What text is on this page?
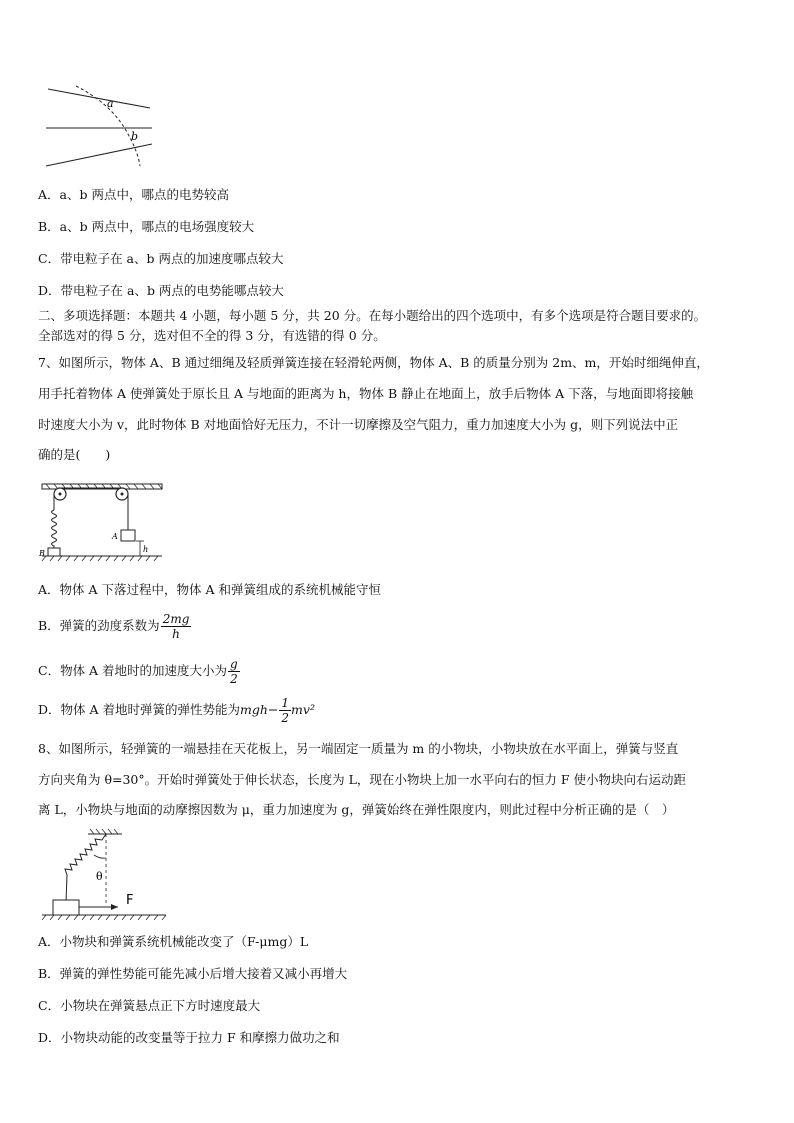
a
b
A．a、b 两点中，哪点的电势较高
B．a、b 两点中，哪点的电场强度较大
C．带电粒子在 a、b 两点的加速度哪点较大
D．带电粒子在 a、b 两点的电势能哪点较大
二、多项选择题：本题共 4 小题，每小题 5 分，共 20 分。在每小题给出的四个选项中，有多个选项是符合题目要求的。
全部选对的得 5 分，选对但不全的得 3 分，有选错的得 0 分。
7、如图所示，物体 A、B 通过细绳及轻质弹簧连接在轻滑轮两侧，物体 A、B 的质量分别为 2m、m，开始时细绳伸直，
用手托着物体 A 使弹簧处于原长且 A 与地面的距离为 h，物体 B 静止在地面上，放手后物体 A 下落，与地面即将接触
时速度大小为 v，此时物体 B 对地面恰好无压力，不计一切摩擦及空气阻力，重力加速度大小为 g，则下列说法中正
确的是(　　)
B
A
h
A．物体 A 下落过程中，物体 A 和弹簧组成的系统机械能守恒
B．弹簧的劲度系数为 $\frac{2mg}{h}$
C．物体 A 着地时的加速度大小为 $\frac{g}{2}$
D．物体 A 着地时弹簧的弹性势能为$mgh- \frac{1}{2} mv^2$
8、如图所示，轻弹簧的一端悬挂在天花板上，另一端固定一质量为 m 的小物块，小物块放在水平面上，弹簧与竖直
方向夹角为 θ=30°。开始时弹簧处于伸长状态，长度为 L，现在小物块上加一水平向右的恒力 F 使小物块向右运动距
离 L，小物块与地面的动摩擦因数为 μ，重力加速度为 g，弹簧始终在弹性限度内，则此过程中分析正确的是（　）
θ
F
A．小物块和弹簧系统机械能改变了（F-μmg）L
B．弹簧的弹性势能可能先减小后增大接着又减小再增大
C．小物块在弹簧悬点正下方时速度最大
D．小物块动能的改变量等于拉力 F 和摩擦力做功之和
